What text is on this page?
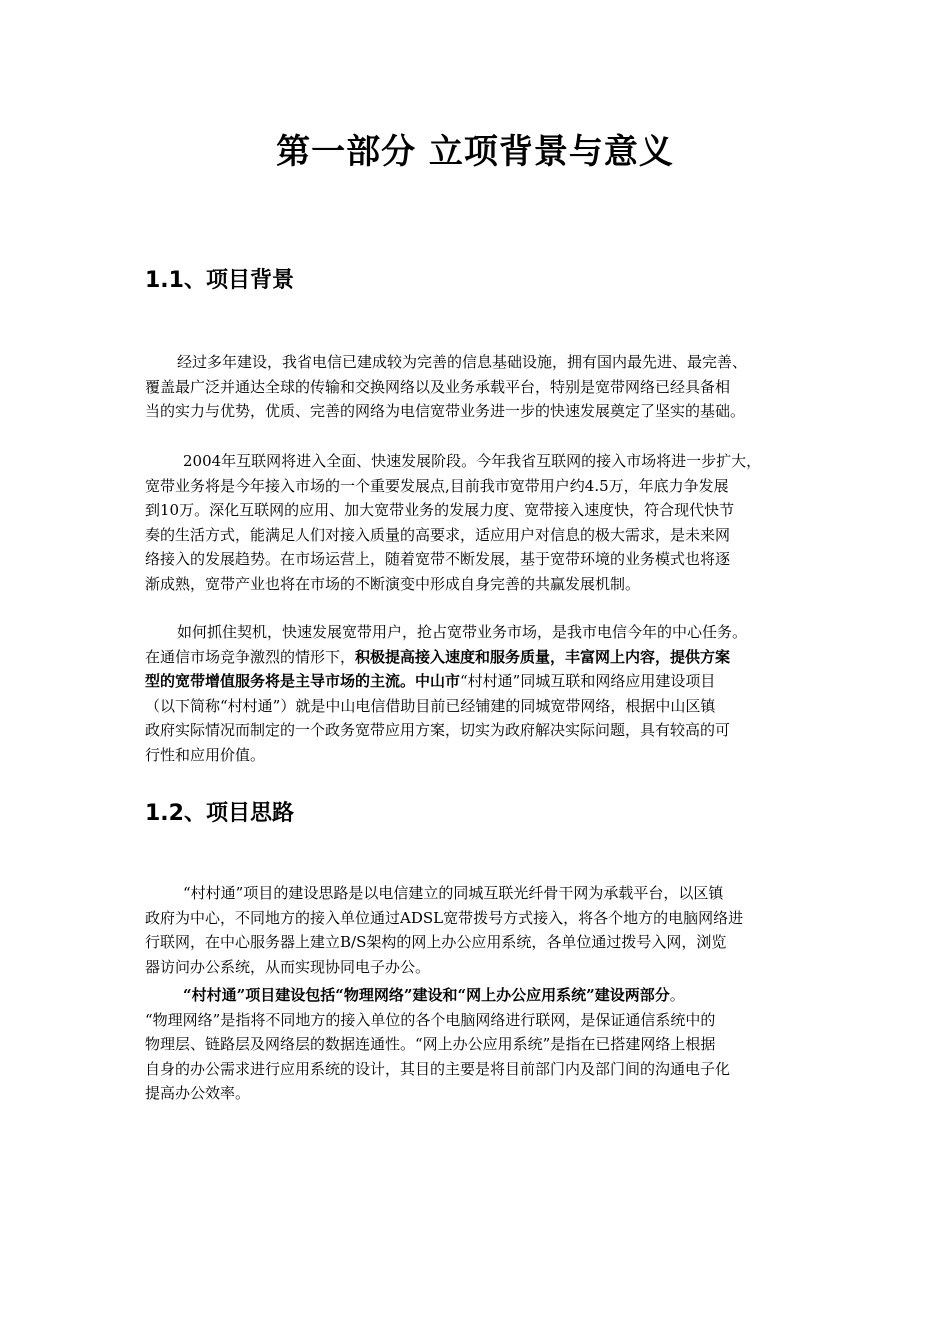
第一部分 立项背景与意义
1.1、项目背景
经过多年建设，我省电信已建成较为完善的信息基础设施，拥有国内最先进、最完善、
覆盖最广泛并通达全球的传输和交换网络以及业务承载平台，特别是宽带网络已经具备相
当的实力与优势，优质、完善的网络为电信宽带业务进一步的快速发展奠定了坚实的基础。
2004年互联网将进入全面、快速发展阶段。今年我省互联网的接入市场将进一步扩大，
宽带业务将是今年接入市场的一个重要发展点,目前我市宽带用户约4.5万，年底力争发展
到10万。深化互联网的应用、加大宽带业务的发展力度、宽带接入速度快，符合现代快节
奏的生活方式，能满足人们对接入质量的高要求，适应用户对信息的极大需求，是未来网
络接入的发展趋势。在市场运营上，随着宽带不断发展，基于宽带环境的业务模式也将逐
渐成熟，宽带产业也将在市场的不断演变中形成自身完善的共赢发展机制。
如何抓住契机，快速发展宽带用户，抢占宽带业务市场，是我市电信今年的中心任务。
在通信市场竞争激烈的情形下，积极提高接入速度和服务质量，丰富网上内容，提供方案
型的宽带增值服务将是主导市场的主流。中山市“村村通”同城互联和网络应用建设项目
（以下简称“村村通”）就是中山电信借助目前已经铺建的同城宽带网络，根据中山区镇
政府实际情况而制定的一个政务宽带应用方案，切实为政府解决实际问题，具有较高的可
行性和应用价值。
1.2、项目思路
“村村通”项目的建设思路是以电信建立的同城互联光纤骨干网为承载平台，以区镇
政府为中心，不同地方的接入单位通过ADSL宽带拨号方式接入，将各个地方的电脑网络进
行联网，在中心服务器上建立B/S架构的网上办公应用系统，各单位通过拨号入网，浏览
器访问办公系统，从而实现协同电子办公。
“村村通”项目建设包括“物理网络”建设和“网上办公应用系统”建设两部分。
“物理网络”是指将不同地方的接入单位的各个电脑网络进行联网，是保证通信系统中的
物理层、链路层及网络层的数据连通性。“网上办公应用系统”是指在已搭建网络上根据
自身的办公需求进行应用系统的设计，其目的主要是将目前部门内及部门间的沟通电子化
提高办公效率。
